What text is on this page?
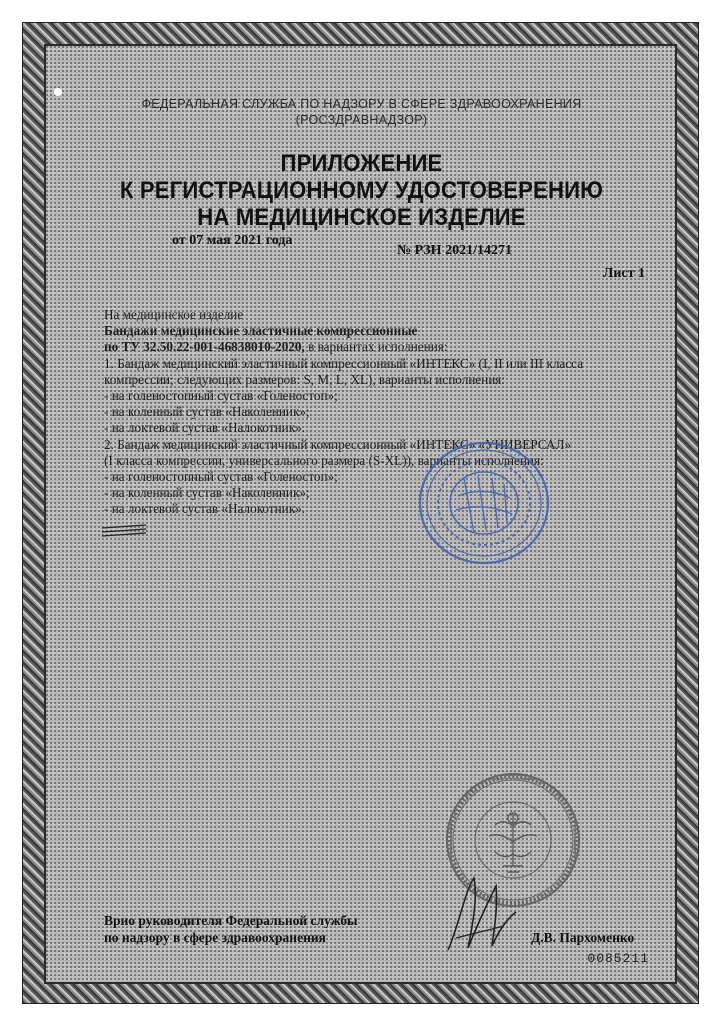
ФЕДЕРАЛЬНАЯ СЛУЖБА ПО НАДЗОРУ В СФЕРЕ ЗДРАВООХРАНЕНИЯ
(РОСЗДРАВНАДЗОР)
ПРИЛОЖЕНИЕ
К РЕГИСТРАЦИОННОМУ УДОСТОВЕРЕНИЮ
НА МЕДИЦИНСКОЕ ИЗДЕЛИЕ
от 07 мая 2021 года
№ РЗН 2021/14271
Лист 1
На медицинское изделие
Бандажи медицинские эластичные компрессионные
по ТУ 32.50.22-001-46838010-2020, в вариантах исполнения:
1. Бандаж медицинский эластичный компрессионный «ИНТЕКС» (I, II или III класса
компрессии; следующих размеров: S, M, L, XL), варианты исполнения:
- на голеностопный сустав «Голеностоп»;
- на коленный сустав «Наколенник»;
- на локтевой сустав «Налокотник».
2. Бандаж медицинский эластичный компрессионный «ИНТЕКС» «УНИВЕРСАЛ»
(I класса компрессии, универсального размера (S-XL)), варианты исполнения:
- на голеностопный сустав «Голеностоп»;
- на коленный сустав «Наколенник»;
- на локтевой сустав «Налокотник».
Врио руководителя Федеральной службы
по надзору в сфере здравоохранения	Д.В. Пархоменко
0085211
